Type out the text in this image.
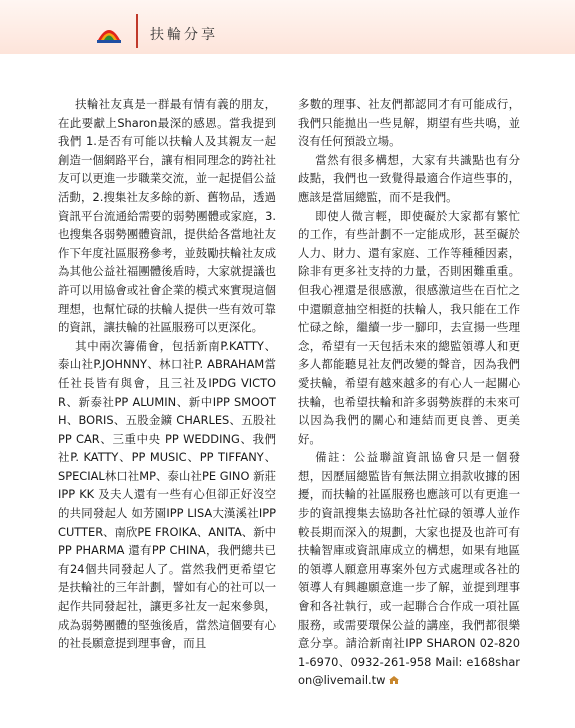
扶輪分享

扶輪社友真是一群最有情有義的朋友，在此要獻上Sharon最深的感恩。當我提到我們 1.是否有可能以扶輪人及其親友一起創造一個網路平台，讓有相同理念的跨社社友可以更進一步職業交流，並一起提倡公益活動，2.搜集社友多餘的新、舊物品，透過資訊平台流通給需要的弱勢團體或家庭，3.也搜集各弱勢團體資訊，提供給各當地社友作下年度社區服務參考，並鼓勵扶輪社友成為其他公益社福團體後盾時，大家就提議也許可以用協會或社會企業的模式來實現這個理想，也幫忙碌的扶輪人提供一些有效可靠的資訊，讓扶輪的社區服務可以更深化。

其中兩次籌備會，包括新南P.KATTY、泰山社P.JOHNNY、林口社P. ABRAHAM當任社長皆有與會，且三社及IPDG VICTOR、新泰社PP ALUMIN、新中IPP SMOOTH、BORIS、五股金鑛 CHARLES、五股社PP CAR、三重中央 PP WEDDING、我們社P. KATTY、PP MUSIC、PP TIFFANY、 SPECIAL林口社MP、泰山社PE GINO 新莊IPP KK 及夫人還有一些有心但卻正好沒空的共同發起人 如芳園IPP LISA大漢溪社IPP CUTTER、南欣PE FROIKA、ANITA、新中PP PHARMA 還有PP CHINA，我們總共已有24個共同發起人了。當然我們更希望它是扶輪社的三年計劃，譬如有心的社可以一起作共同發起社，讓更多社友一起來參與，成為弱勢團體的堅強後盾，當然這個要有心的社長願意提到理事會，而且

多數的理事、社友們都認同才有可能成行，我們只能拋出一些見解，期望有些共鳴，並沒有任何預設立場。

當然有很多構想，大家有共識點也有分歧點，我們也一致覺得最適合作這些事的，應該是當屆總監，而不是我們。

即使人微言輕，即使礙於大家都有繁忙的工作，有些計劃不一定能成形，甚至礙於人力、財力、還有家庭、工作等種種因素，除非有更多社支持的力量，否則困難重重。但我心裡還是很感激，很感激這些在百忙之中還願意抽空相挺的扶輪人，我只能在工作忙碌之餘，繼續一步一腳印，去宣揚一些理念，希望有一天包括未來的總監領導人和更多人都能聽見社友們改變的聲音，因為我們愛扶輪，希望有越來越多的有心人一起關心扶輪，也希望扶輪和許多弱勢族群的未來可以因為我們的關心和連結而更良善、更美好。

備註：公益聯誼資訊協會只是一個發想，因歷屆總監皆有無法開立捐款收據的困擾，而扶輪的社區服務也應該可以有更進一步的資訊搜集去協助各社忙碌的領導人並作較長期而深入的規劃，大家也提及也許可有扶輪智庫或資訊庫成立的構想，如果有地區的領導人願意用專案外包方式處理或各社的領導人有興趣願意進一步了解，並提到理事會和各社執行，或一起聯合合作成一項社區服務，或需要環保公益的講座，我們都很樂意分享。請洽新南社IPP SHARON 02-8201-6970、0932-261-958 Mail: e168sharon@livemail.tw
